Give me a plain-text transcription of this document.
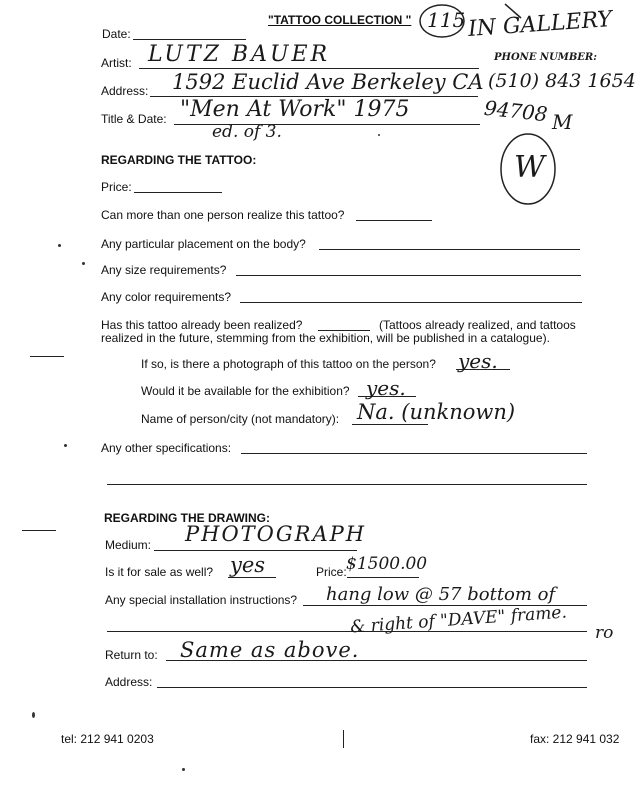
"TATTOO COLLECTION " 115 IN GALLERY
Date:
Artist: LUTZ BAUER	PHONE NUMBER:
Address: 1592 Euclid Ave Berkeley CA (510) 843 1654
Title & Date: "Men At Work" 1975	94708 M
ed. of 3.
W
REGARDING THE TATTOO:
Price:
Can more than one person realize this tattoo?
Any particular placement on the body?
Any size requirements?
Any color requirements?
Has this tattoo already been realized?	(Tattoos already realized, and tattoos
realized in the future, stemming from the exhibition, will be published in a catalogue).
If so, is there a photograph of this tattoo on the person? yes.
Would it be available for the exhibition? yes.
Name of person/city (not mandatory): Na. (unknown)
Any other specifications:
REGARDING THE DRAWING:
Medium: PHOTOGRAPH
Is it for sale as well? yes	Price: $1500.00
Any special installation instructions? hang low @ 57 bottom of
& right of "DAVE" frame. ro
Return to: Same as above.
Address:
tel: 212 941 0203	fax: 212 941 032
